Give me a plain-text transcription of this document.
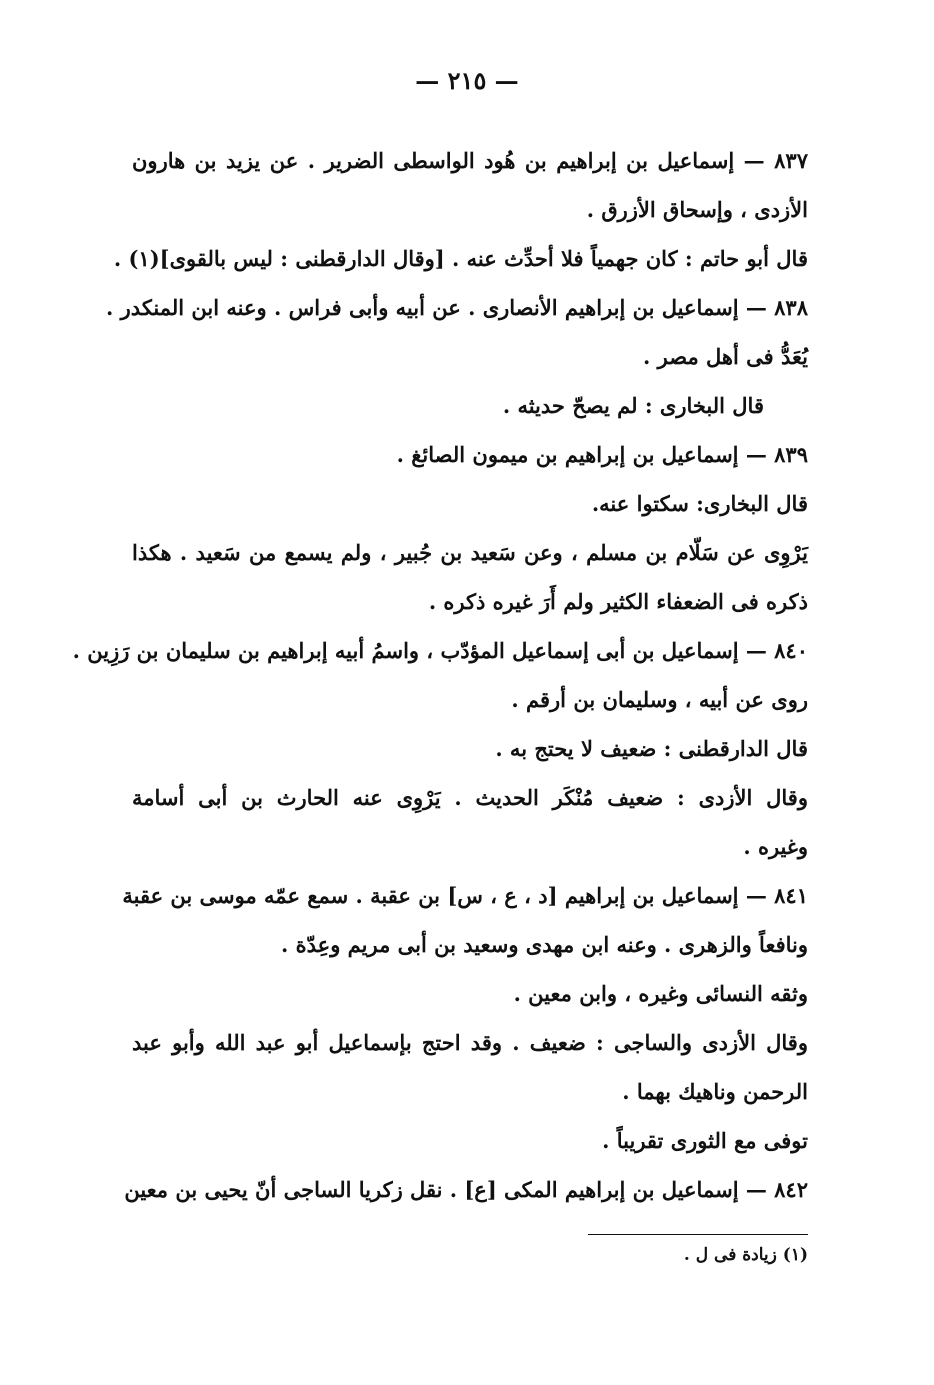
— ٢١٥ —
٨٣٧ — إسماعيل بن إبراهيم بن هُود الواسطى الضرير . عن يزيد بن هارون
الأزدى ، وإسحاق الأزرق .
قال أبو حاتم : كان جهمياً فلا أحدِّث عنه . [وقال الدارقطنى : ليس بالقوى](١) .
٨٣٨ — إسماعيل بن إبراهيم الأنصارى . عن أبيه وأبى فراس . وعنه ابن المنكدر .
يُعَدُّ فى أهل مصر .
قال البخارى : لم يصحّ حديثه .
٨٣٩ — إسماعيل بن إبراهيم بن ميمون الصائغ .
قال البخارى: سكتوا عنه.
يَرْوِى عن سَلّام بن مسلم ، وعن سَعيد بن جُبير ، ولم يسمع من سَعيد . هكذا
ذكره فى الضعفاء الكثير ولم أَرَ غيره ذكره .
٨٤٠ — إسماعيل بن أبى إسماعيل المؤدّب ، واسمُ أبيه إبراهيم بن سليمان بن رَزِين .
روى عن أبيه ، وسليمان بن أرقم .
قال الدارقطنى : ضعيف لا يحتج به .
وقال الأزدى : ضعيف مُنْكَر الحديث . يَرْوِى عنه الحارث بن أبى أسامة
وغيره .
٨٤١ — إسماعيل بن إبراهيم [د ، ع ، س] بن عقبة . سمع عمّه موسى بن عقبة
ونافعاً والزهرى . وعنه ابن مهدى وسعيد بن أبى مريم وعِدّة .
وثقه النسائى وغيره ، وابن معين .
وقال الأزدى والساجى : ضعيف . وقد احتج بإسماعيل أبو عبد الله وأبو عبد
الرحمن وناهيك بهما .
توفى مع الثورى تقريباً .
٨٤٢ — إسماعيل بن إبراهيم المكى [ع] . نقل زكريا الساجى أنّ يحيى بن معين
(١) زيادة فى ل .
